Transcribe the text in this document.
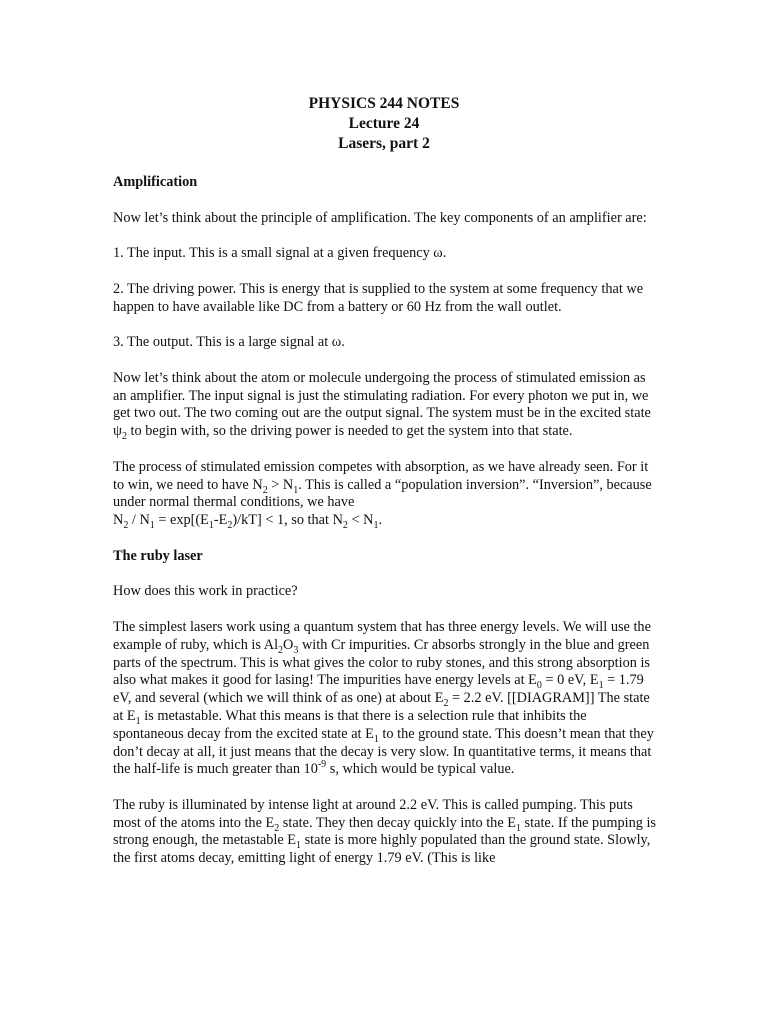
PHYSICS 244 NOTES
Lecture 24
Lasers, part 2
Amplification

Now let’s think about the principle of amplification. The key components of an amplifier are:

1. The input. This is a small signal at a given frequency ω.

2. The driving power. This is energy that is supplied to the system at some frequency that we happen to have available like DC from a battery or 60 Hz from the wall outlet.

3. The output. This is a large signal at ω.

Now let’s think about the atom or molecule undergoing the process of stimulated emission as an amplifier. The input signal is just the stimulating radiation. For every photon we put in, we get two out. The two coming out are the output signal. The system must be in the excited state $\psi_2$ to begin with, so the driving power is needed to get the system into that state.

The process of stimulated emission competes with absorption, as we have already seen. For it to win, we need to have $N_2 > N_1$. This is called a “population inversion”. “Inversion”, because under normal thermal conditions, we have
$N_2 / N_1 = \exp[(E_1-E_2)/kT] < 1$, so that $N_2 < N_1$.

The ruby laser

How does this work in practice?

The simplest lasers work using a quantum system that has three energy levels. We will use the example of ruby, which is $Al_2O_3$ with Cr impurities. Cr absorbs strongly in the blue and green parts of the spectrum. This is what gives the color to ruby stones, and this strong absorption is also what makes it good for lasing! The impurities have energy levels at $E_0 = 0$ eV, $E_1 = 1.79$ eV, and several (which we will think of as one) at about $E_2 = 2.2$ eV. [[DIAGRAM]] The state at $E_1$ is metastable. What this means is that there is a selection rule that inhibits the spontaneous decay from the excited state at $E_1$ to the ground state. This doesn’t mean that they don’t decay at all, it just means that the decay is very slow. In quantitative terms, it means that the half-life is much greater than $10^{-9}$ s, which would be typical value.

The ruby is illuminated by intense light at around 2.2 eV. This is called pumping. This puts most of the atoms into the $E_2$ state. They then decay quickly into the $E_1$ state. If the pumping is strong enough, the metastable $E_1$ state is more highly populated than the ground state. Slowly, the first atoms decay, emitting light of energy 1.79 eV. (This is like
